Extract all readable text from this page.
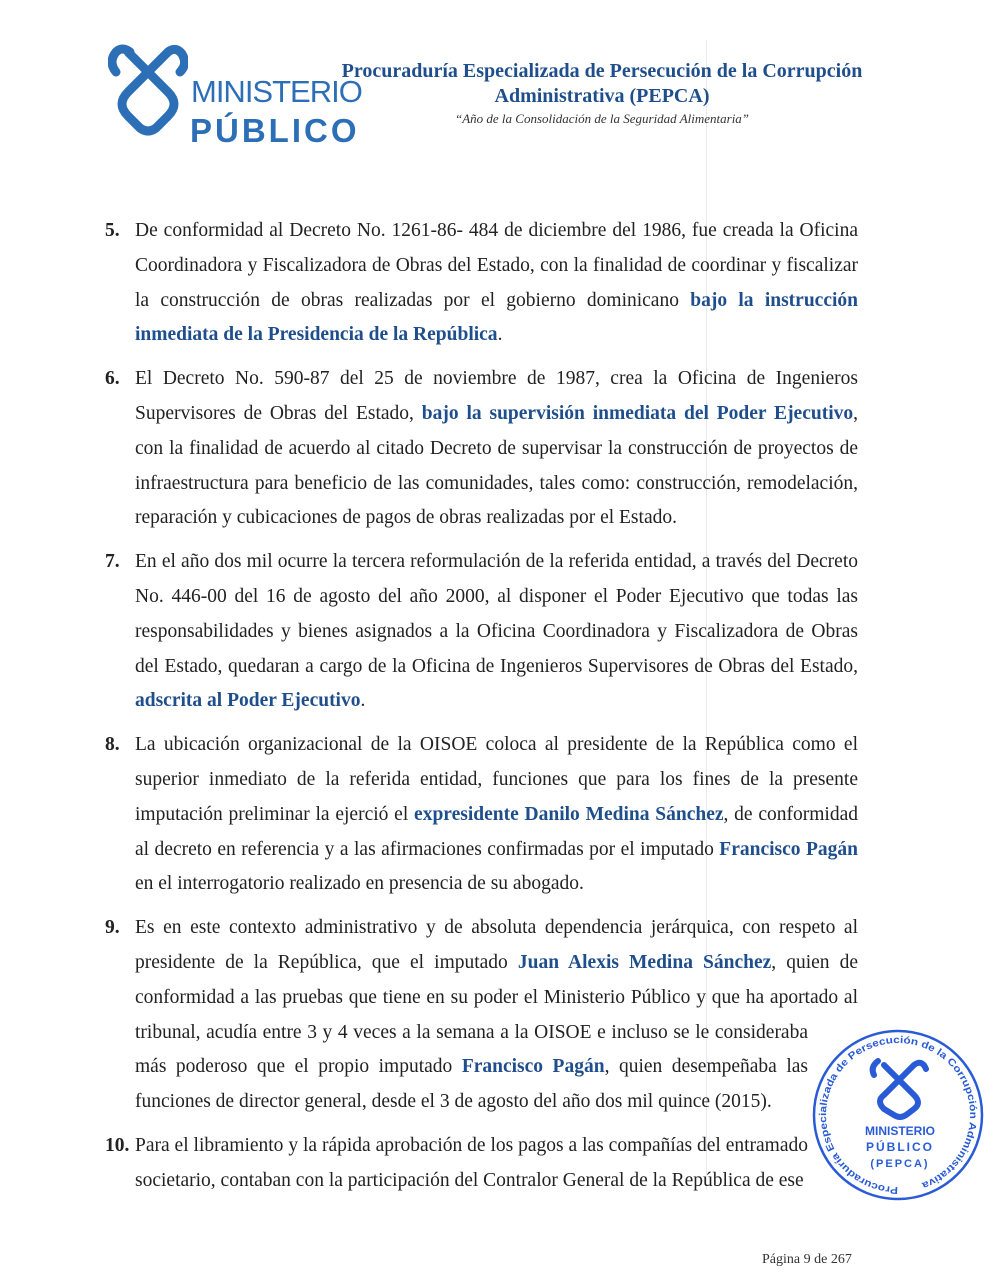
MINISTERIO
PÚBLICO
Procuraduría Especializada de Persecución de la Corrupción
Administrativa (PEPCA)
“Año de la Consolidación de la Seguridad Alimentaria”
5. De conformidad al Decreto No. 1261-86- 484 de diciembre del 1986, fue creada la Oficina Coordinadora y Fiscalizadora de Obras del Estado, con la finalidad de coordinar y fiscalizar la construcción de obras realizadas por el gobierno dominicano bajo la instrucción inmediata de la Presidencia de la República.
6. El Decreto No. 590-87 del 25 de noviembre de 1987, crea la Oficina de Ingenieros Supervisores de Obras del Estado, bajo la supervisión inmediata del Poder Ejecutivo, con la finalidad de acuerdo al citado Decreto de supervisar la construcción de proyectos de infraestructura para beneficio de las comunidades, tales como: construcción, remodelación, reparación y cubicaciones de pagos de obras realizadas por el Estado.
7. En el año dos mil ocurre la tercera reformulación de la referida entidad, a través del Decreto No. 446-00 del 16 de agosto del año 2000, al disponer el Poder Ejecutivo que todas las responsabilidades y bienes asignados a la Oficina Coordinadora y Fiscalizadora de Obras del Estado, quedaran a cargo de la Oficina de Ingenieros Supervisores de Obras del Estado, adscrita al Poder Ejecutivo.
8. La ubicación organizacional de la OISOE coloca al presidente de la República como el superior inmediato de la referida entidad, funciones que para los fines de la presente imputación preliminar la ejerció el expresidente Danilo Medina Sánchez, de conformidad al decreto en referencia y a las afirmaciones confirmadas por el imputado Francisco Pagán en el interrogatorio realizado en presencia de su abogado.
9.
Procuraduría Especializada de Persecución de la Corrupción Administrativa
MINISTERIO
PÚBLICO
(PEPCA)
Es en este contexto administrativo y de absoluta dependencia jerárquica, con respeto al presidente de la República, que el imputado Juan Alexis Medina Sánchez, quien de conformidad a las pruebas que tiene en su poder el Ministerio Público y que ha aportado al tribunal, acudía entre 3 y 4 veces a la semana a la OISOE e incluso se le consideraba más poderoso que el propio imputado Francisco Pagán, quien desempeñaba las funciones de director general, desde el 3 de agosto del año dos mil quince (2015).
10. Para el libramiento y la rápida aprobación de los pagos a las compañías del entramado societario, contaban con la participación del Contralor General de la República de ese
Página 9 de 267
